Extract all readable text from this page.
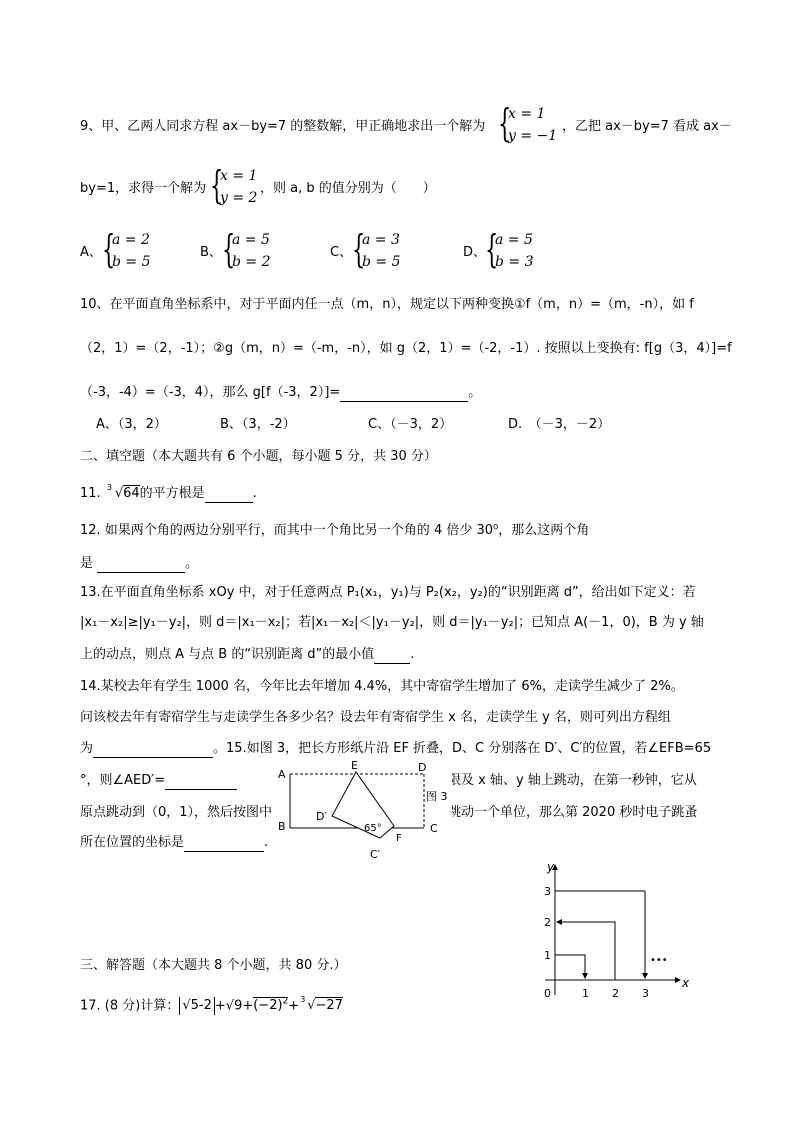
9、甲、乙两人同求方程 ax－by=7 的整数解，甲正确地求出一个解为 {
x = 1
y = −1
，乙把 ax－by=7 看成 ax－
by=1，求得一个解为 {
x = 1
y = 2
，则 a, b 的值分别为（　　）
A、 {
a = 2
b = 5
B、 {
a = 5
b = 2
C、 {
a = 3
b = 5
D、
{
a = 5
b = 3
10、在平面直角坐标系中，对于平面内任一点（m，n），规定以下两种变换①f（m，n）=（m，-n），如 f
（2，1）=（2，-1）；②g（m，n）=（-m，-n），如 g（2，1）=（-2，-1）. 按照以上变换有: f[g（3，4）]=f
（-3，-4）=（-3，4），那么 g[f（-3，2）]=	。
A、（3，2）	B、（3，-2）	C、（－3，2）	D.　（－3，－2）
二、填空题（本大题共有 6 个小题，每小题 5 分，共 30 分）
11. 3 √64的平方根是	.
12. 如果两个角的两边分别平行，而其中一个角比另一个角的 4 倍少 30⁰，那么这两个角
是	。
13.在平面直角坐标系 xOy 中，对于任意两点 P₁(x₁，y₁)与 P₂(x₂，y₂)的“识别距离 d”，给出如下定义：若
|x₁－x₂|≥|y₁－y₂|，则 d＝|x₁－x₂|；若|x₁－x₂|＜|y₁－y₂|，则 d＝|y₁－y₂|；已知点 A(－1，0)，B 为 y 轴
上的动点，则点 A 与点 B 的“识别距离 d”的最小值	.
14.某校去年有学生 1000 名，今年比去年增加 4.4%，其中寄宿学生增加了 6%，走读学生减少了 2%。
问该校去年有寄宿学生与走读学生各多少名？设去年有寄宿学生 x 名，走读学生 y 名，则可列出方程组
为	。15.如图 3，把长方形纸片沿 EF 折叠，D、C 分别落在 D′、C′的位置，若∠EFB=65
°，则∠AED′=	一象限及 x 轴、y 轴上跳动，在第一秒钟，它从
原点跳动到（0，1），然后按图中	对称跳动一个单位，那么第 2020 秒时电子跳蚤
所在位置的坐标是	.
A
B
E	D
D′
65°
F
C
C′
图 3
x
y
0	1 2 3
1
2
3
•••
三、解答题（本大题共 8 个小题，共 80 分.）
17. (8 分)计算： $√5-2 +√9+(-2)^2+ 3$ √−27
